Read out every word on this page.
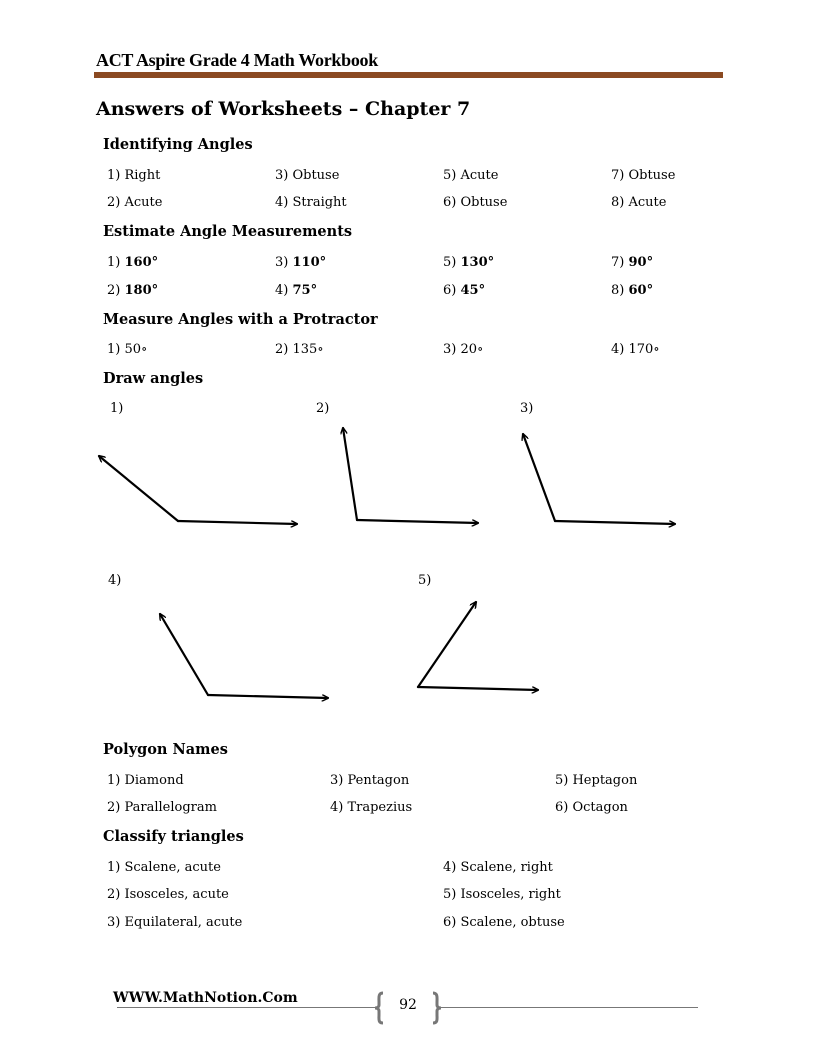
ACT Aspire Grade 4 Math Workbook
Answers of Worksheets – Chapter 7
Identifying Angles
1) Right
2) Acute
3) Obtuse
4) Straight
5) Acute
6) Obtuse
7) Obtuse
8) Acute
Estimate Angle Measurements
1) 160°
2) 180°
3) 110°
4) 75°
5) 130°
6) 45°
7) 90°
8) 60°
Measure Angles with a Protractor
1) 50∘	2) 135∘	3) 20∘	4) 170∘
Draw angles
1)	2)	3)
4)	5)
Polygon Names
1) Diamond
2) Parallelogram
3) Pentagon
4) Trapezius
5) Heptagon
6) Octagon
Classify triangles
1) Scalene, acute
2) Isosceles, acute
3) Equilateral, acute
4) Scalene, right
5) Isosceles, right
6) Scalene, obtuse
WWW.MathNotion.Com	92
